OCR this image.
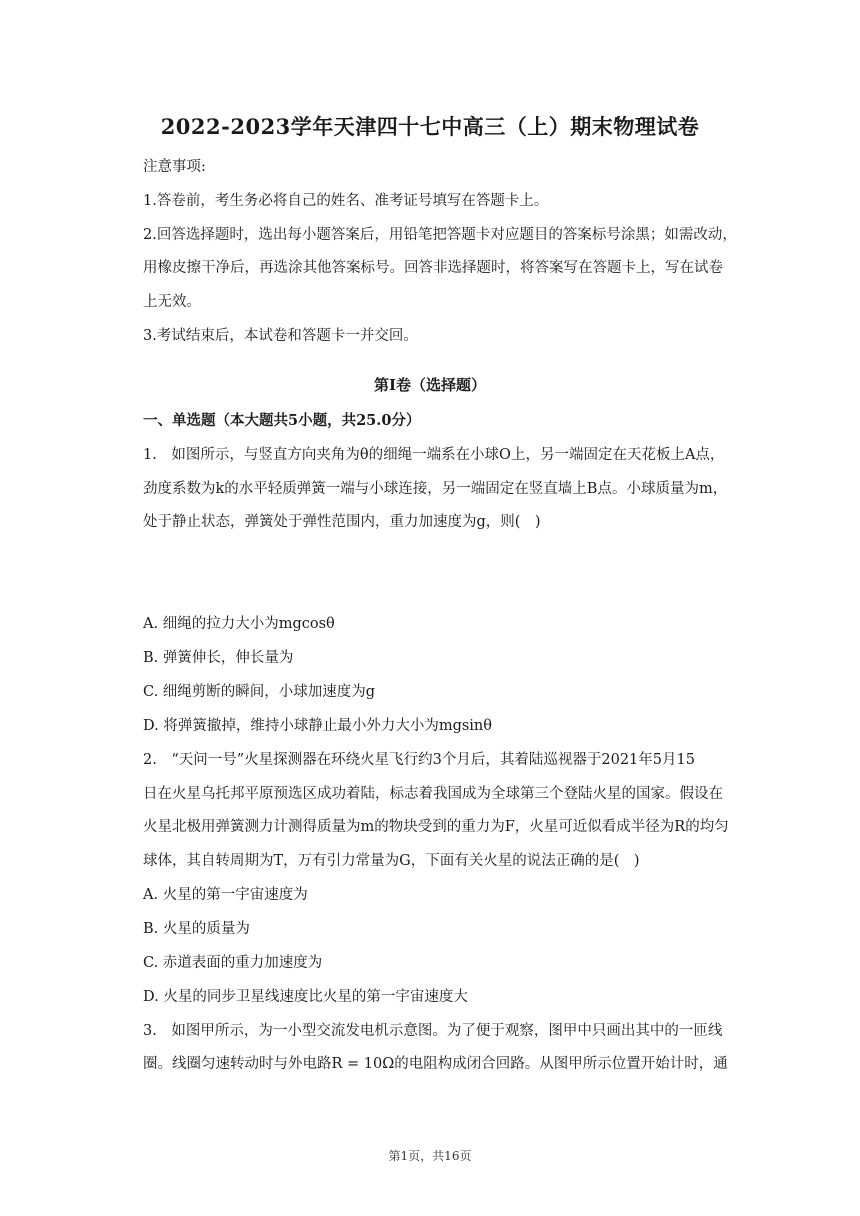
2022-2023学年天津四十七中高三（上）期末物理试卷
注意事项:
1.答卷前，考生务必将自己的姓名、准考证号填写在答题卡上。
2.回答选择题时，选出每小题答案后，用铅笔把答题卡对应题目的答案标号涂黑；如需改动，
用橡皮擦干净后，再选涂其他答案标号。回答非选择题时，将答案写在答题卡上，写在试卷
上无效。
3.考试结束后，本试卷和答题卡一并交回。
第I卷（选择题）
一、单选题（本大题共5小题，共25.0分）
1.　如图所示，与竖直方向夹角为θ的细绳一端系在小球O上，另一端固定在天花板上A点，
劲度系数为k的水平轻质弹簧一端与小球连接，另一端固定在竖直墙上B点。小球质量为m，
处于静止状态，弹簧处于弹性范围内，重力加速度为g，则(　)
A. 细绳的拉力大小为mgcosθ
B. 弹簧伸长，伸长量为
C. 细绳剪断的瞬间，小球加速度为g
D. 将弹簧撤掉，维持小球静止最小外力大小为mgsinθ
2.　“天问一号”火星探测器在环绕火星飞行约3个月后，其着陆巡视器于2021年5月15
日在火星乌托邦平原预选区成功着陆，标志着我国成为全球第三个登陆火星的国家。假设在
火星北极用弹簧测力计测得质量为m的物块受到的重力为F，火星可近似看成半径为R的均匀
球体，其自转周期为T，万有引力常量为G，下面有关火星的说法正确的是(　)
A. 火星的第一宇宙速度为
B. 火星的质量为
C. 赤道表面的重力加速度为
D. 火星的同步卫星线速度比火星的第一宇宙速度大
3.　如图甲所示，为一小型交流发电机示意图。为了便于观察，图甲中只画出其中的一匝线
圈。线圈匀速转动时与外电路R = 10Ω的电阻构成闭合回路。从图甲所示位置开始计时，通
第1页，共16页
